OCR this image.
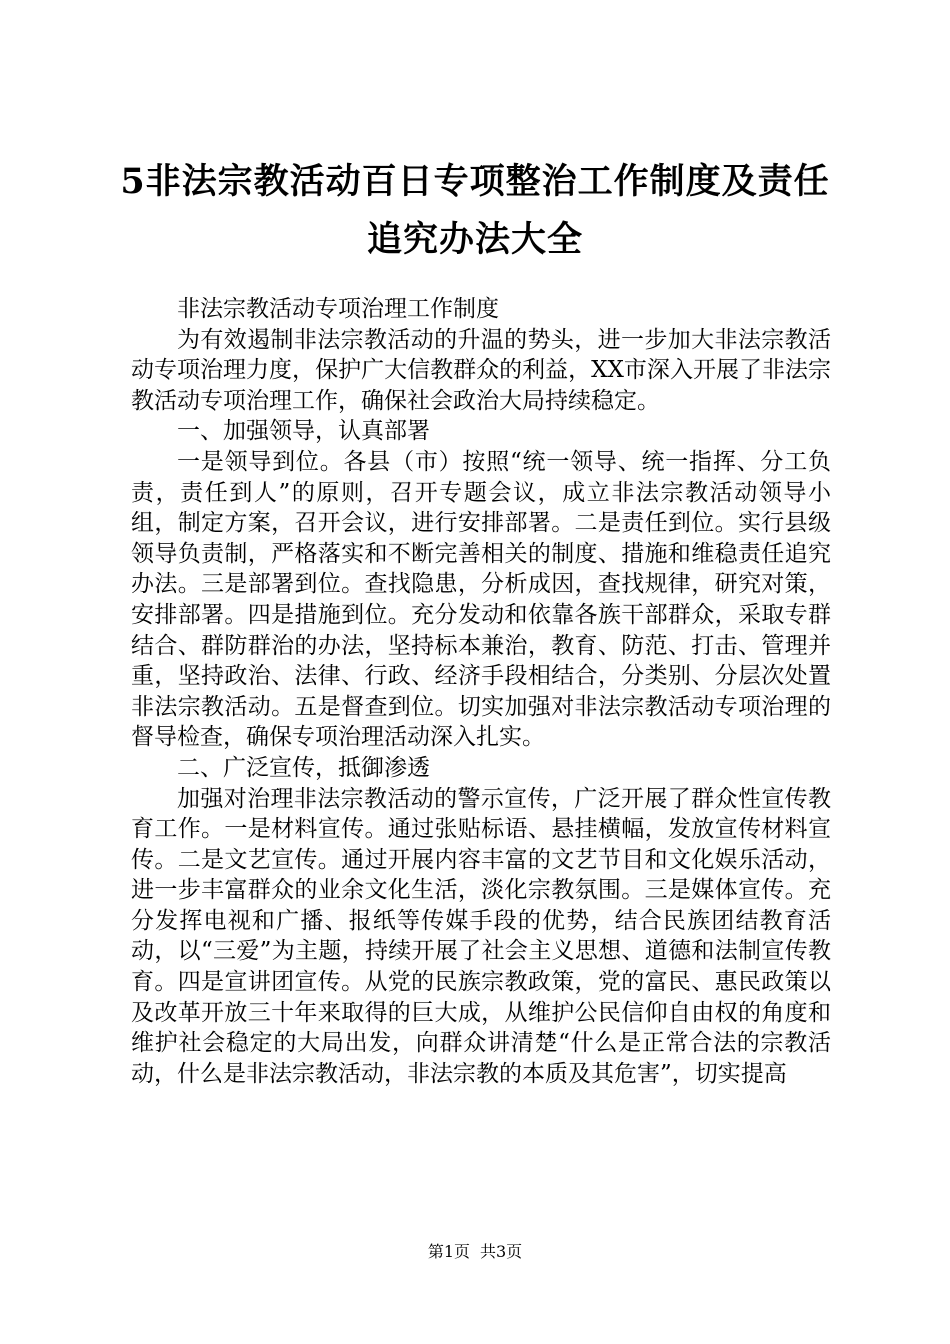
5非法宗教活动百日专项整治工作制度及责任
追究办法大全

非法宗教活动专项治理工作制度

为有效遏制非法宗教活动的升温的势头，进一步加大非法宗教活动专项治理力度，保护广大信教群众的利益，XX市深入开展了非法宗教活动专项治理工作，确保社会政治大局持续稳定。

一、加强领导，认真部署

一是领导到位。各县（市）按照“统一领导、统一指挥、分工负责，责任到人”的原则，召开专题会议，成立非法宗教活动领导小组，制定方案，召开会议，进行安排部署。二是责任到位。实行县级领导负责制，严格落实和不断完善相关的制度、措施和维稳责任追究办法。三是部署到位。查找隐患，分析成因，查找规律，研究对策，安排部署。四是措施到位。充分发动和依靠各族干部群众，采取专群结合、群防群治的办法，坚持标本兼治，教育、防范、打击、管理并重，坚持政治、法律、行政、经济手段相结合，分类别、分层次处置非法宗教活动。五是督查到位。切实加强对非法宗教活动专项治理的督导检查，确保专项治理活动深入扎实。

二、广泛宣传，抵御渗透

加强对治理非法宗教活动的警示宣传，广泛开展了群众性宣传教育工作。一是材料宣传。通过张贴标语、悬挂横幅，发放宣传材料宣传。二是文艺宣传。通过开展内容丰富的文艺节目和文化娱乐活动，进一步丰富群众的业余文化生活，淡化宗教氛围。三是媒体宣传。充分发挥电视和广播、报纸等传媒手段的优势，结合民族团结教育活动，以“三爱”为主题，持续开展了社会主义思想、道德和法制宣传教育。四是宣讲团宣传。从党的民族宗教政策，党的富民、惠民政策以及改革开放三十年来取得的巨大成，从维护公民信仰自由权的角度和维护社会稳定的大局出发，向群众讲清楚“什么是正常合法的宗教活动，什么是非法宗教活动，非法宗教的本质及其危害”，切实提高

第1页 共3页
